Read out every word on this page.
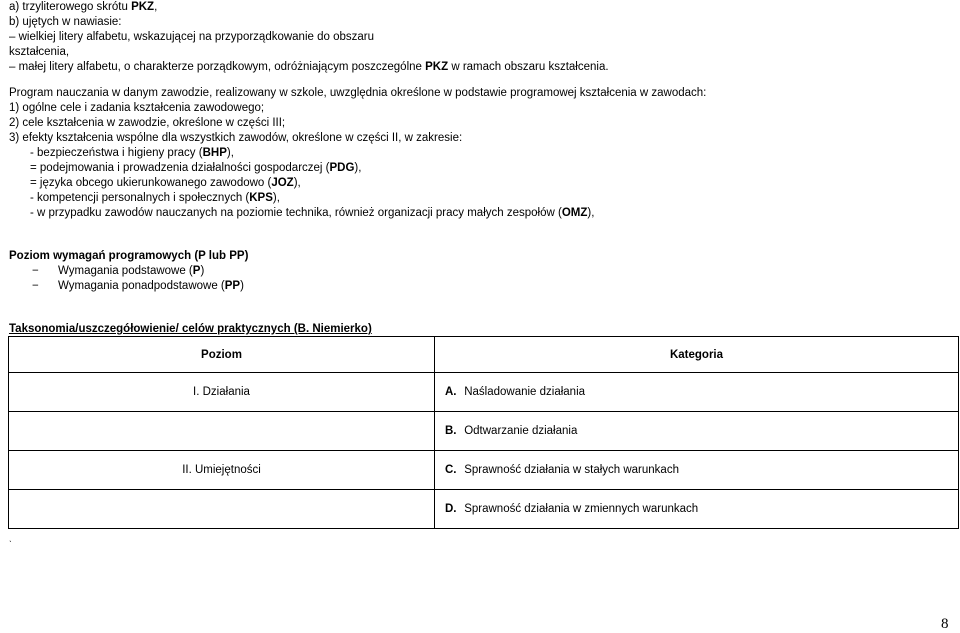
a) trzyliterowego skrótu PKZ,
b) ujętych w nawiasie:
– wielkiej litery alfabetu, wskazującej na przyporządkowanie do obszaru
kształcenia,
– małej litery alfabetu, o charakterze porządkowym, odróżniającym poszczególne PKZ w ramach obszaru kształcenia.
Program nauczania w danym zawodzie, realizowany w szkole, uwzględnia określone w podstawie programowej kształcenia w zawodach:
1) ogólne cele i zadania kształcenia zawodowego;
2) cele kształcenia w zawodzie, określone w części III;
3) efekty kształcenia wspólne dla wszystkich zawodów, określone w części II, w zakresie:
- bezpieczeństwa i higieny pracy (BHP),
= podejmowania i prowadzenia działalności gospodarczej (PDG),
= języka obcego ukierunkowanego zawodowo (JOZ),
- kompetencji personalnych i społecznych (KPS),
- w przypadku zawodów nauczanych na poziomie technika, również organizacji pracy małych zespołów (OMZ),
Poziom wymagań programowych (P lub PP)
− Wymagania podstawowe (P)
− Wymagania ponadpodstawowe (PP)
Taksonomia/uszczegółowienie/ celów praktycznych (B. Niemierko)
Poziom	Kategoria
I. Działania	A. Naśladowanie działania
	B. Odtwarzanie działania
II. Umiejętności	C. Sprawność działania w stałych warunkach
	D. Sprawność działania w zmiennych warunkach
ˎ
8
